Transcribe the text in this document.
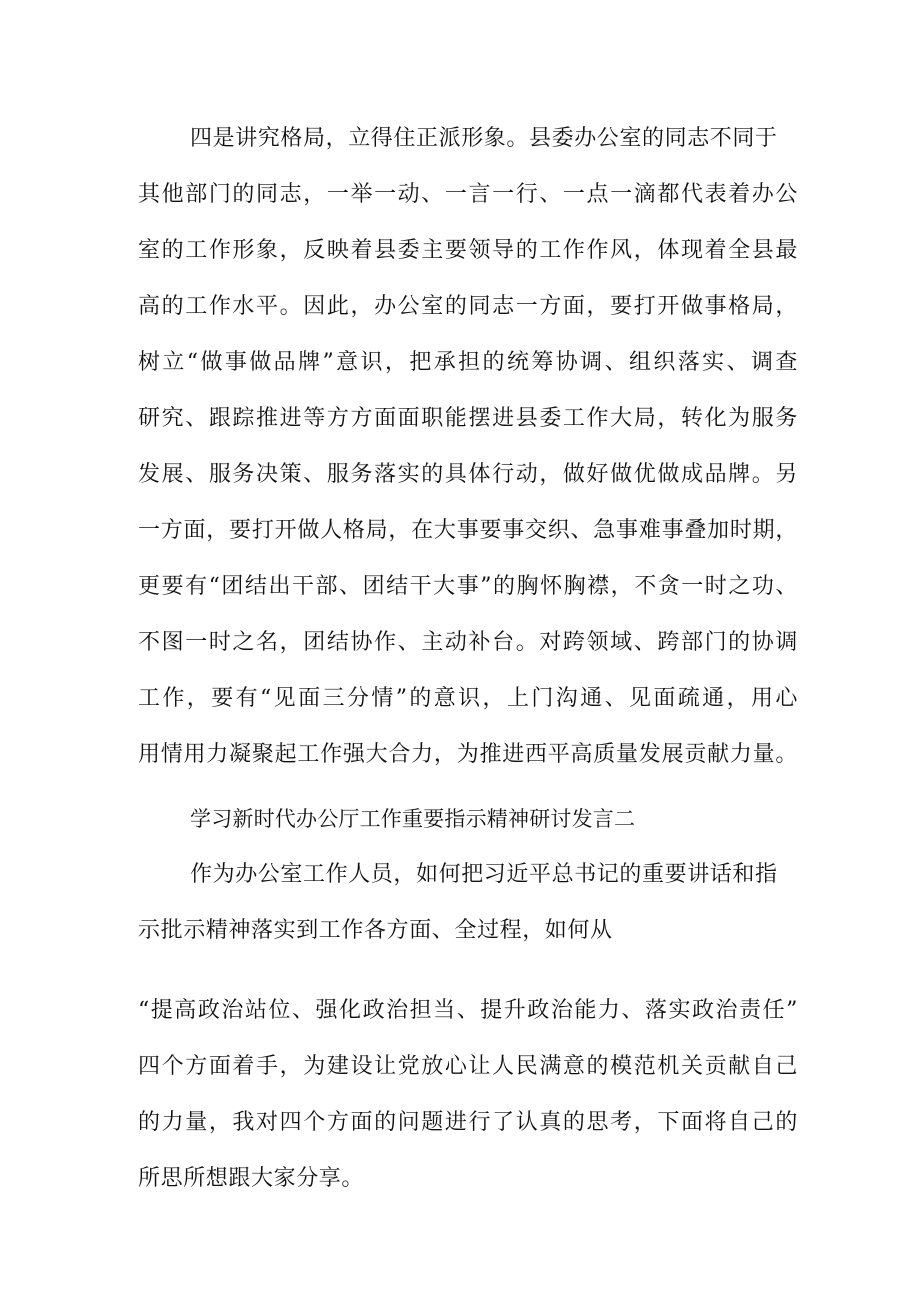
四是讲究格局，立得住正派形象。县委办公室的同志不同于
其他部门的同志，一举一动、一言一行、一点一滴都代表着办公
室的工作形象，反映着县委主要领导的工作作风，体现着全县最
高的工作水平。因此，办公室的同志一方面，要打开做事格局，
树立“做事做品牌”意识，把承担的统筹协调、组织落实、调查
研究、跟踪推进等方方面面职能摆进县委工作大局，转化为服务
发展、服务决策、服务落实的具体行动，做好做优做成品牌。另
一方面，要打开做人格局，在大事要事交织、急事难事叠加时期，
更要有“团结出干部、团结干大事”的胸怀胸襟，不贪一时之功、
不图一时之名，团结协作、主动补台。对跨领域、跨部门的协调
工作，要有“见面三分情”的意识，上门沟通、见面疏通，用心
用情用力凝聚起工作强大合力，为推进西平高质量发展贡献力量。
学习新时代办公厅工作重要指示精神研讨发言二
作为办公室工作人员，如何把习近平总书记的重要讲话和指
示批示精神落实到工作各方面、全过程，如何从
“提高政治站位、强化政治担当、提升政治能力、落实政治责任”
四个方面着手，为建设让党放心让人民满意的模范机关贡献自己
的力量，我对四个方面的问题进行了认真的思考，下面将自己的
所思所想跟大家分享。
